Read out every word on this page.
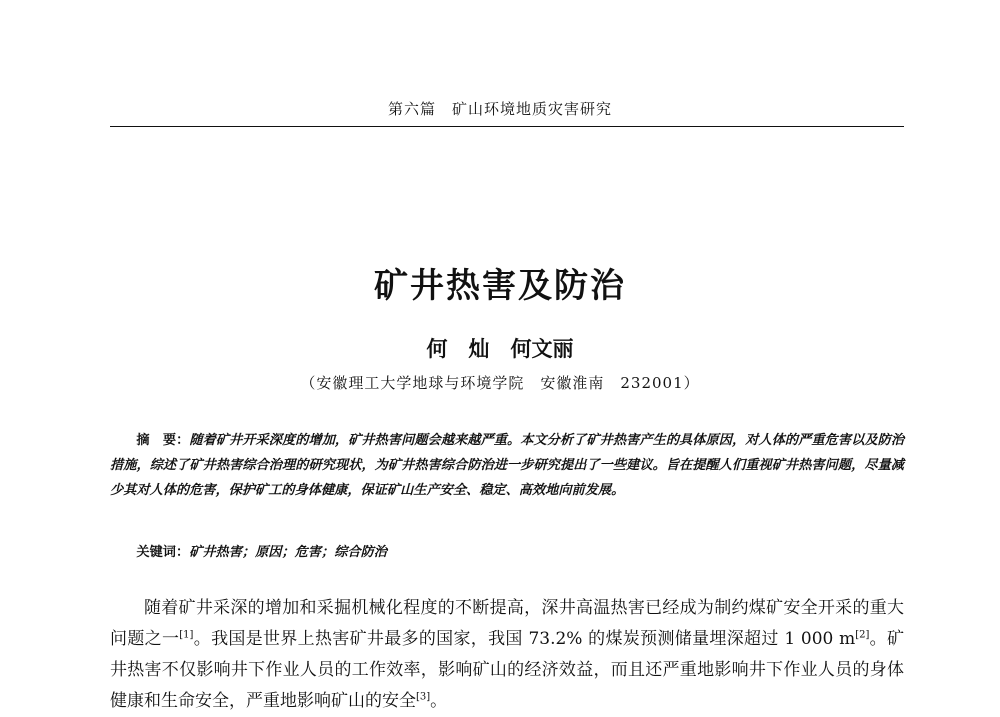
第六篇　矿山环境地质灾害研究
矿井热害及防治
何　灿　何文丽
（安徽理工大学地球与环境学院　安徽淮南　232001）
摘　要：随着矿井开采深度的增加，矿井热害问题会越来越严重。本文分析了矿井热害产生的具体原因，对人体的严重危害以及防治措施，综述了矿井热害综合治理的研究现状，为矿井热害综合防治进一步研究提出了一些建议。旨在提醒人们重视矿井热害问题，尽量减少其对人体的危害，保护矿工的身体健康，保证矿山生产安全、稳定、高效地向前发展。
关键词：矿井热害；原因；危害；综合防治
随着矿井采深的增加和采掘机械化程度的不断提高，深井高温热害已经成为制约煤矿安全开采的重大问题之一[1]。我国是世界上热害矿井最多的国家，我国 73.2% 的煤炭预测储量埋深超过 1 000 m[2]。矿井热害不仅影响井下作业人员的工作效率，影响矿山的经济效益，而且还严重地影响井下作业人员的身体健康和生命安全，严重地影响矿山的安全[3]。
